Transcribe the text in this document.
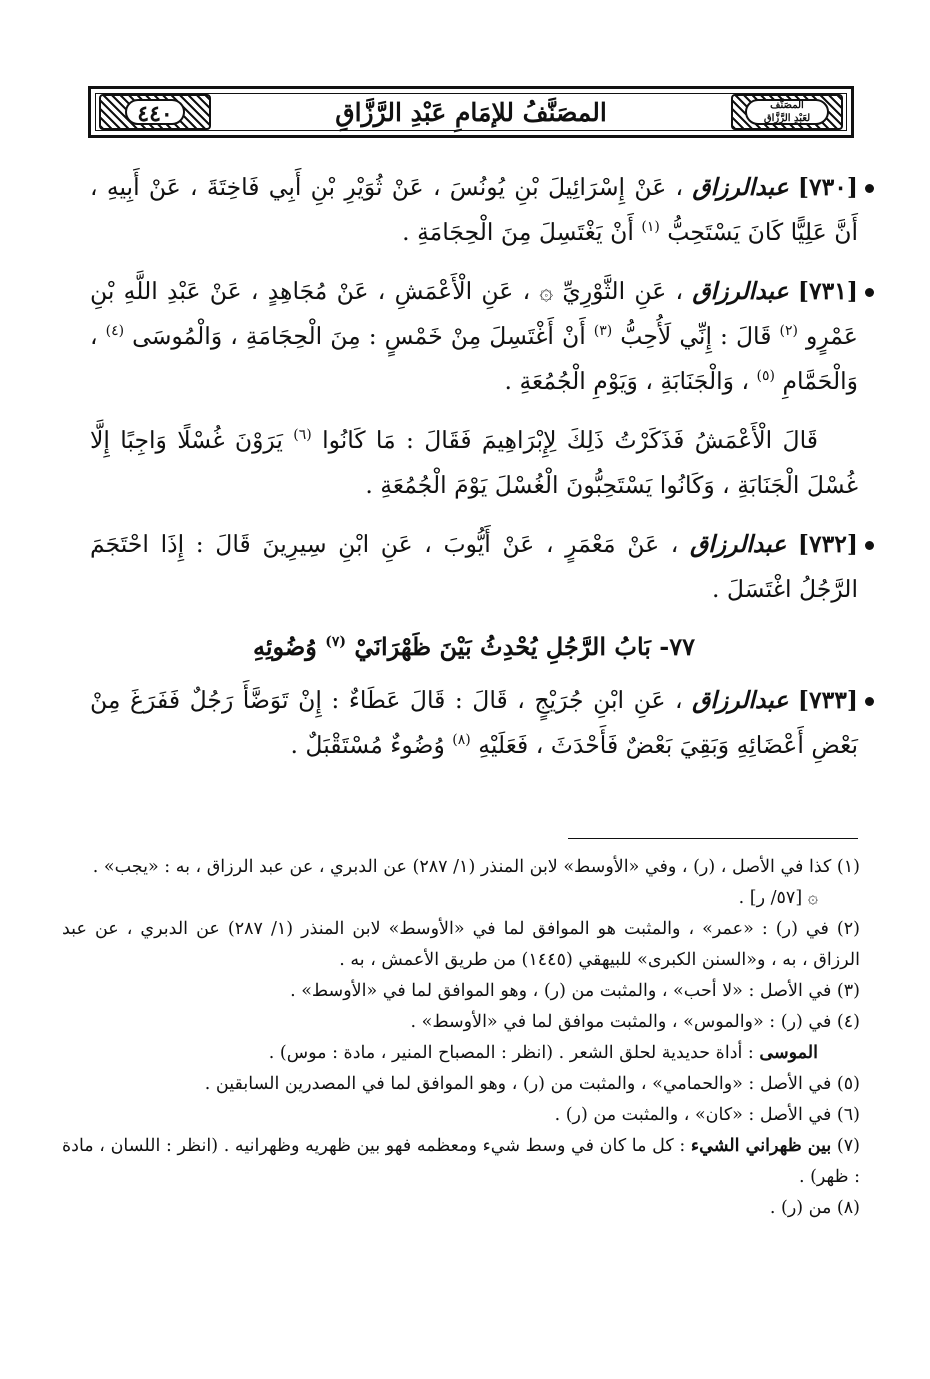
المصَنَّف
لعَبْدِ الرَّزَّاق
المصَنَّفُ للإمَامِ عَبْدِ الرَّزَّاقِ
٤٤٠

[٧٣٠] عبدالرزاق ، عَنْ إِسْرَائِيلَ بْنِ يُونُسَ ، عَنْ ثُوَيْرِ بْنِ أَبِي فَاخِتَةَ ، عَنْ أَبِيهِ ، أَنَّ عَلِيًّا كَانَ يَسْتَحِبُّ $^{(١)}$ أَنْ يَغْتَسِلَ مِنَ الْحِجَامَةِ .

[٧٣١] عبدالرزاق ، عَنِ الثَّوْرِيِّ ۞ ، عَنِ الْأَعْمَشِ ، عَنْ مُجَاهِدٍ ، عَنْ عَبْدِ اللَّهِ بْنِ عَمْرٍو $^{(٢)}$ قَالَ : إِنِّي لَأُحِبُّ $^{(٣)}$ أَنْ أَغْتَسِلَ مِنْ خَمْسٍ : مِنَ الْحِجَامَةِ ، وَالْمُوسَى $^{(٤)}$ ، وَالْحَمَّامِ $^{(٥)}$ ، وَالْجَنَابَةِ ، وَيَوْمِ الْجُمُعَةِ .

قَالَ الْأَعْمَشُ فَذَكَرْتُ ذَلِكَ لِإِبْرَاهِيمَ فَقَالَ : مَا كَانُوا $^{(٦)}$ يَرَوْنَ غُسْلًا وَاجِبًا إِلَّا غُسْلَ الْجَنَابَةِ ، وَكَانُوا يَسْتَحِبُّونَ الْغُسْلَ يَوْمَ الْجُمُعَةِ .

[٧٣٢] عبدالرزاق ، عَنْ مَعْمَرٍ ، عَنْ أَيُّوبَ ، عَنِ ابْنِ سِيرِينَ قَالَ : إِذَا احْتَجَمَ الرَّجُلُ اغْتَسَلَ .

٧٧- بَابُ الرَّجُلِ يُحْدِثُ بَيْنَ ظَهْرَانَيْ $^{(٧)}$ وُضُوئِهِ

[٧٣٣] عبدالرزاق ، عَنِ ابْنِ جُرَيْجٍ ، قَالَ : قَالَ عَطَاءٌ : إِنْ تَوَضَّأَ رَجُلٌ فَفَرَغَ مِنْ بَعْضِ أَعْضَائِهِ وَبَقِيَ بَعْضٌ فَأَحْدَثَ ، فَعَلَيْهِ $^{(٨)}$ وُضُوءٌ مُسْتَقْبَلٌ .

(١) كذا في الأصل ، (ر) ، وفي «الأوسط» لابن المنذر (١/ ٢٨٧) عن الدبري ، عن عبد الرزاق ، به : «يجب» .
۞ [٥٧/ ر] .

(٢) في (ر) : «عمر» ، والمثبت هو الموافق لما في «الأوسط» لابن المنذر (١/ ٢٨٧) عن الدبري ، عن عبد الرزاق ، به ، و«السنن الكبرى» للبيهقي (١٤٤٥) من طريق الأعمش ، به .

(٣) في الأصل : «لا أحب» ، والمثبت من (ر) ، وهو الموافق لما في «الأوسط» .

(٤) في (ر) : «والموس» ، والمثبت موافق لما في «الأوسط» .

الموسى : أداة حديدية لحلق الشعر . (انظر : المصباح المنير ، مادة : موس) .

(٥) في الأصل : «والحمامي» ، والمثبت من (ر) ، وهو الموافق لما في المصدرين السابقين .

(٦) في الأصل : «كان» ، والمثبت من (ر) .

(٧) بين ظهراني الشيء : كل ما كان في وسط شيء ومعظمه فهو بين ظهريه وظهرانيه . (انظر : اللسان ، مادة : ظهر) .

(٨) من (ر) .
